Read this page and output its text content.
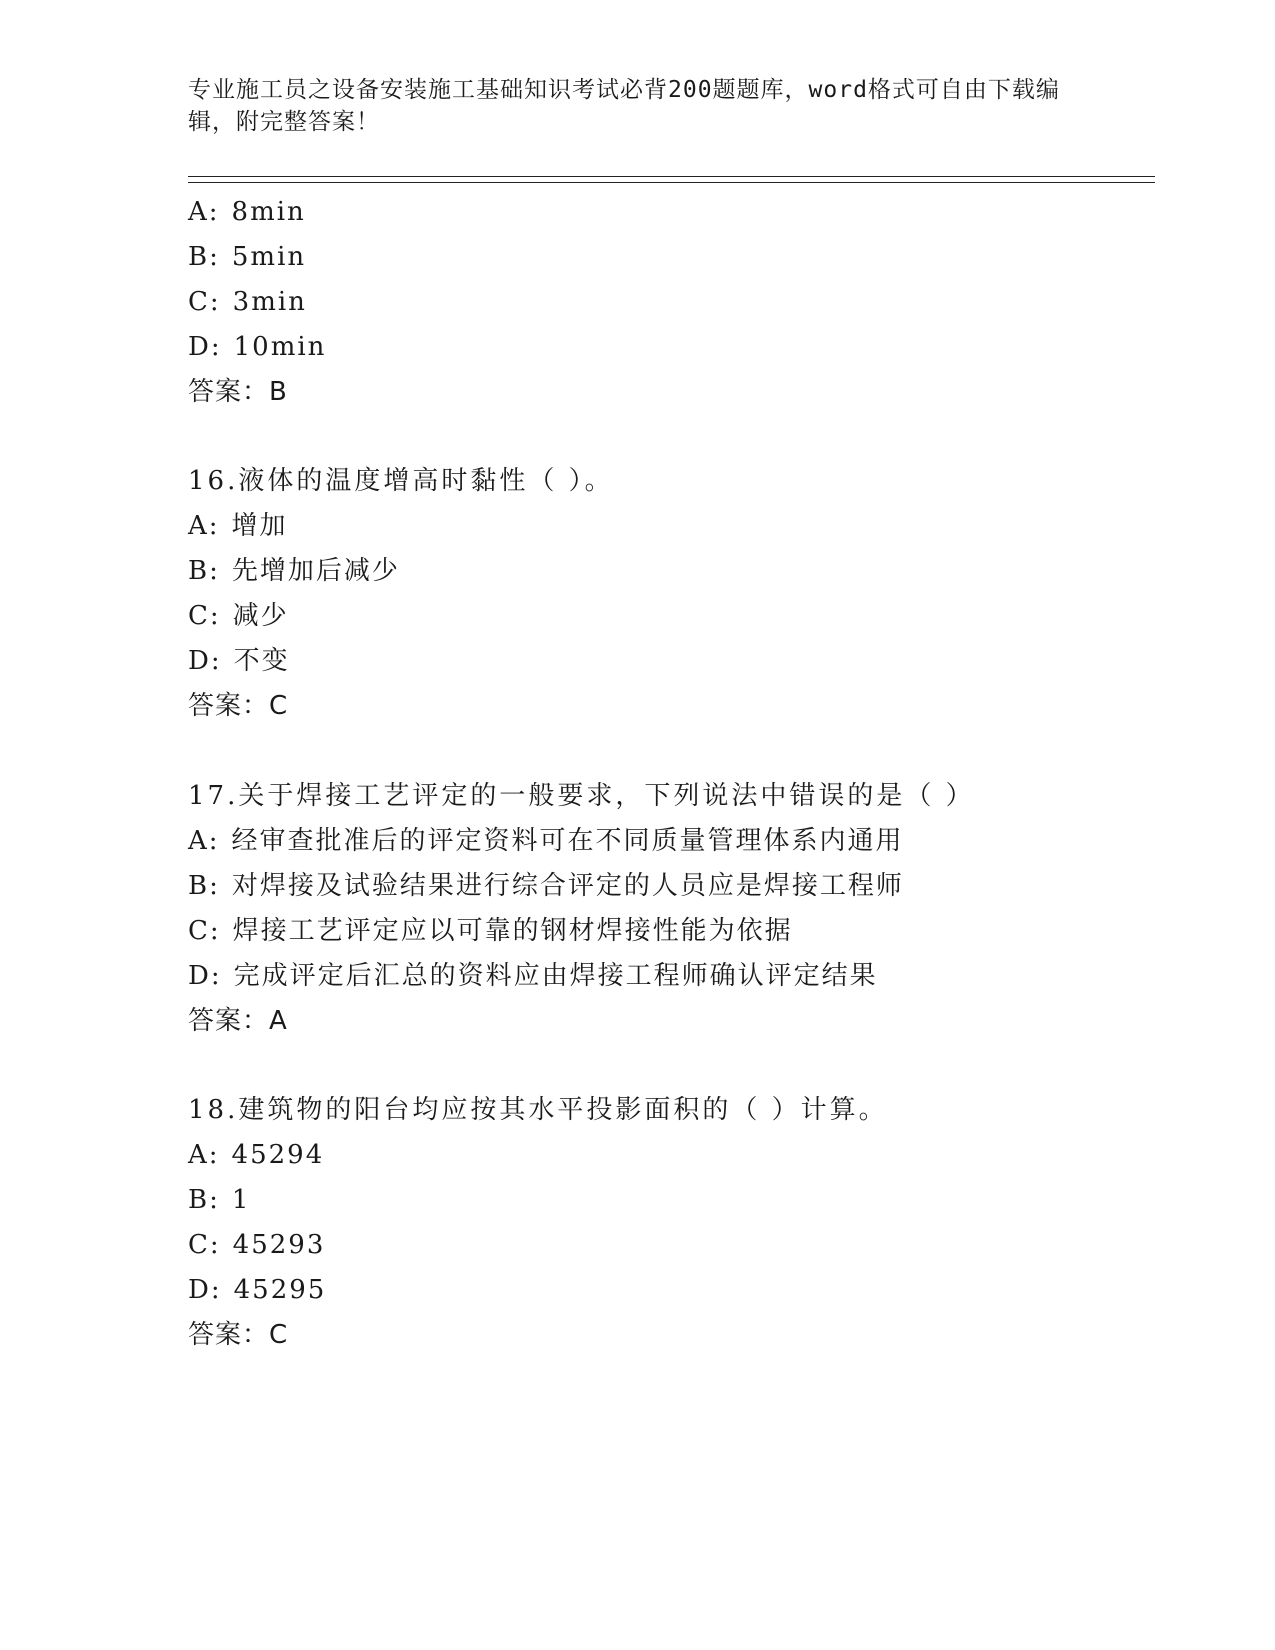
专业施工员之设备安装施工基础知识考试必背200题题库，word格式可自由下载编辑，附完整答案！
A: 8min
B: 5min
C: 3min
D: 10min
答案：B
16.液体的温度增高时黏性（ ）。
A: 增加
B: 先增加后减少
C: 减少
D: 不变
答案：C
17.关于焊接工艺评定的一般要求，下列说法中错误的是（ ）
A: 经审查批准后的评定资料可在不同质量管理体系内通用
B: 对焊接及试验结果进行综合评定的人员应是焊接工程师
C: 焊接工艺评定应以可靠的钢材焊接性能为依据
D: 完成评定后汇总的资料应由焊接工程师确认评定结果
答案：A
18.建筑物的阳台均应按其水平投影面积的（ ）计算。
A: 45294
B: 1
C: 45293
D: 45295
答案：C
